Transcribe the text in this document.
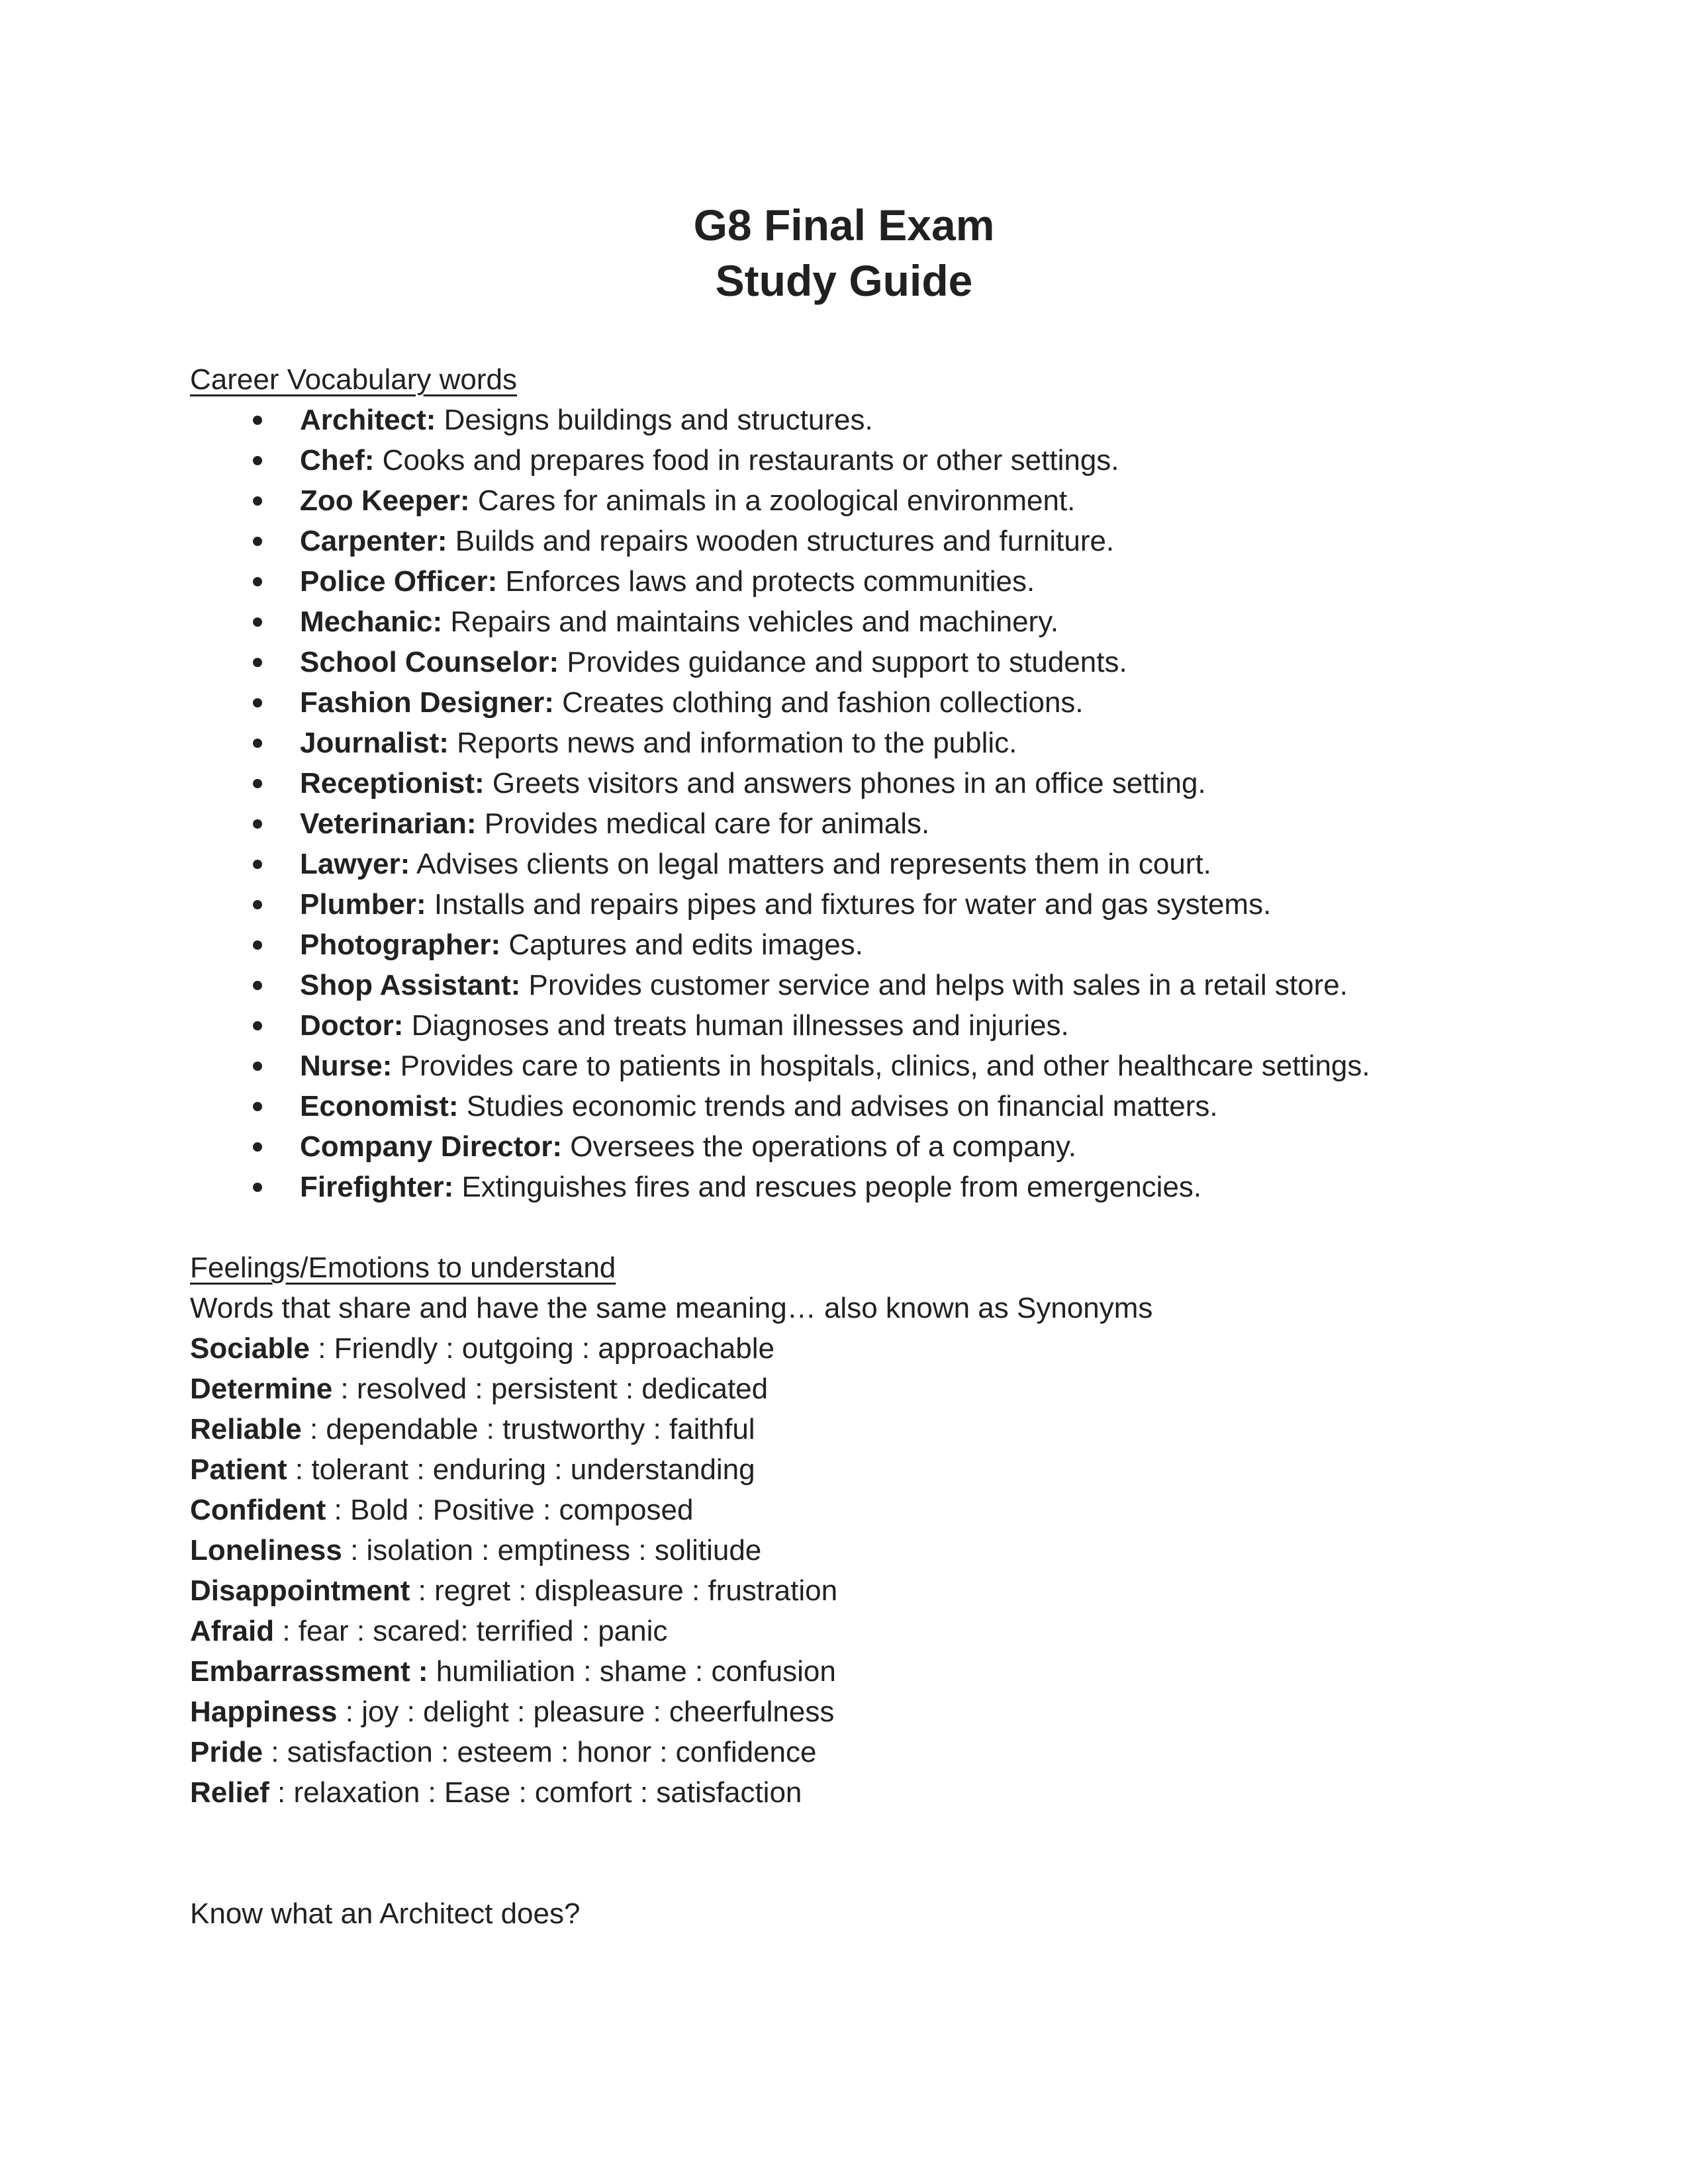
G8 Final Exam
Study Guide
Career Vocabulary words
Architect: Designs buildings and structures.
Chef: Cooks and prepares food in restaurants or other settings.
Zoo Keeper: Cares for animals in a zoological environment.
Carpenter: Builds and repairs wooden structures and furniture.
Police Officer: Enforces laws and protects communities.
Mechanic: Repairs and maintains vehicles and machinery.
School Counselor: Provides guidance and support to students.
Fashion Designer: Creates clothing and fashion collections.
Journalist: Reports news and information to the public.
Receptionist: Greets visitors and answers phones in an office setting.
Veterinarian: Provides medical care for animals.
Lawyer: Advises clients on legal matters and represents them in court.
Plumber: Installs and repairs pipes and fixtures for water and gas systems.
Photographer: Captures and edits images.
Shop Assistant: Provides customer service and helps with sales in a retail store.
Doctor: Diagnoses and treats human illnesses and injuries.
Nurse: Provides care to patients in hospitals, clinics, and other healthcare settings.
Economist: Studies economic trends and advises on financial matters.
Company Director: Oversees the operations of a company.
Firefighter: Extinguishes fires and rescues people from emergencies.
Feelings/Emotions to understand
Words that share and have the same meaning… also known as Synonyms
Sociable : Friendly : outgoing : approachable
Determine : resolved : persistent : dedicated
Reliable : dependable : trustworthy : faithful
Patient : tolerant : enduring : understanding
Confident : Bold : Positive : composed
Loneliness : isolation : emptiness : solitiude
Disappointment : regret : displeasure : frustration
Afraid : fear : scared: terrified : panic
Embarrassment : humiliation : shame : confusion
Happiness : joy : delight : pleasure : cheerfulness
Pride : satisfaction : esteem : honor : confidence
Relief : relaxation : Ease : comfort : satisfaction
Know what an Architect does?
